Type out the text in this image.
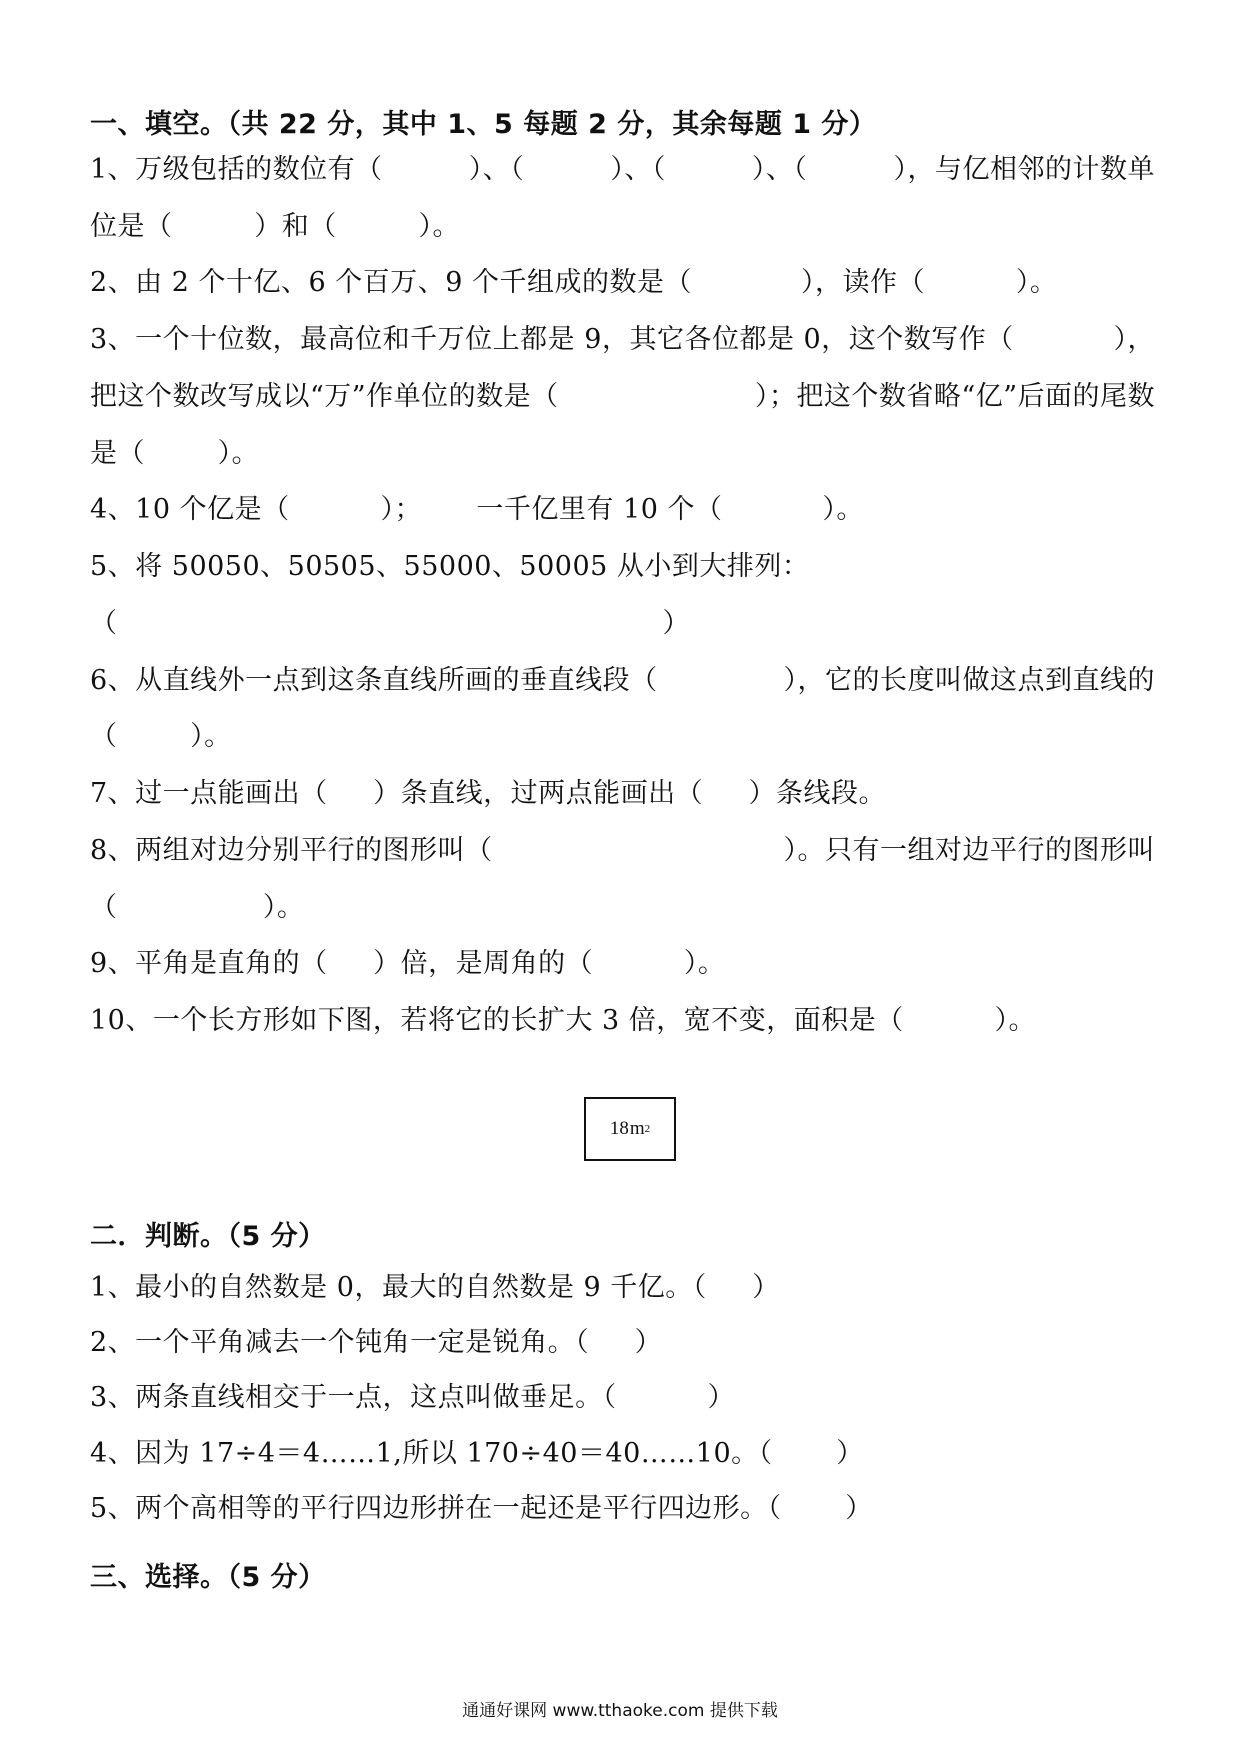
一、填空。（共 22 分，其中 1、5 每题 2 分，其余每题 1 分）
1、万级包括的数位有（	）、（	）、（	）、（	），与亿相邻的计数单
位是（         ）和（         ）。
2、由 2 个十亿、6 个百万、9 个千组成的数是（            ），读作（          ）。
3、一个十位数，最高位和千万位上都是 9，其它各位都是 0，这个数写作（	），
把这个数改写成以“万”作单位的数是（	）；把这个数省略“亿”后面的尾数
是（        ）。
4、10 个亿是（          ）；      一千亿里有 10 个（           ）。
5、将 50050、50505、55000、50005 从小到大排列：
（                                                            ）
6、从直线外一点到这条直线所画的垂直线段（	），它的长度叫做这点到直线的
（        ）。
7、过一点能画出（     ）条直线，过两点能画出（     ）条线段。
8、两组对边分别平行的图形叫（	）。只有一组对边平行的图形叫
（                ）。
9、平角是直角的（     ）倍，是周角的（          ）。
10、一个长方形如下图，若将它的长扩大 3 倍，宽不变，面积是（          ）。
18 m 2
二．判断。（5 分）
1、最小的自然数是 0，最大的自然数是 9 千亿。（     ）
2、一个平角减去一个钝角一定是锐角。（     ）
3、两条直线相交于一点，这点叫做垂足。（          ）
4、因为 17÷4＝4……1,所以 170÷40＝40……10。（       ）
5、两个高相等的平行四边形拼在一起还是平行四边形。（       ）
三、选择。（5 分）
通通好课网 www.tthaoke.com 提供下载
